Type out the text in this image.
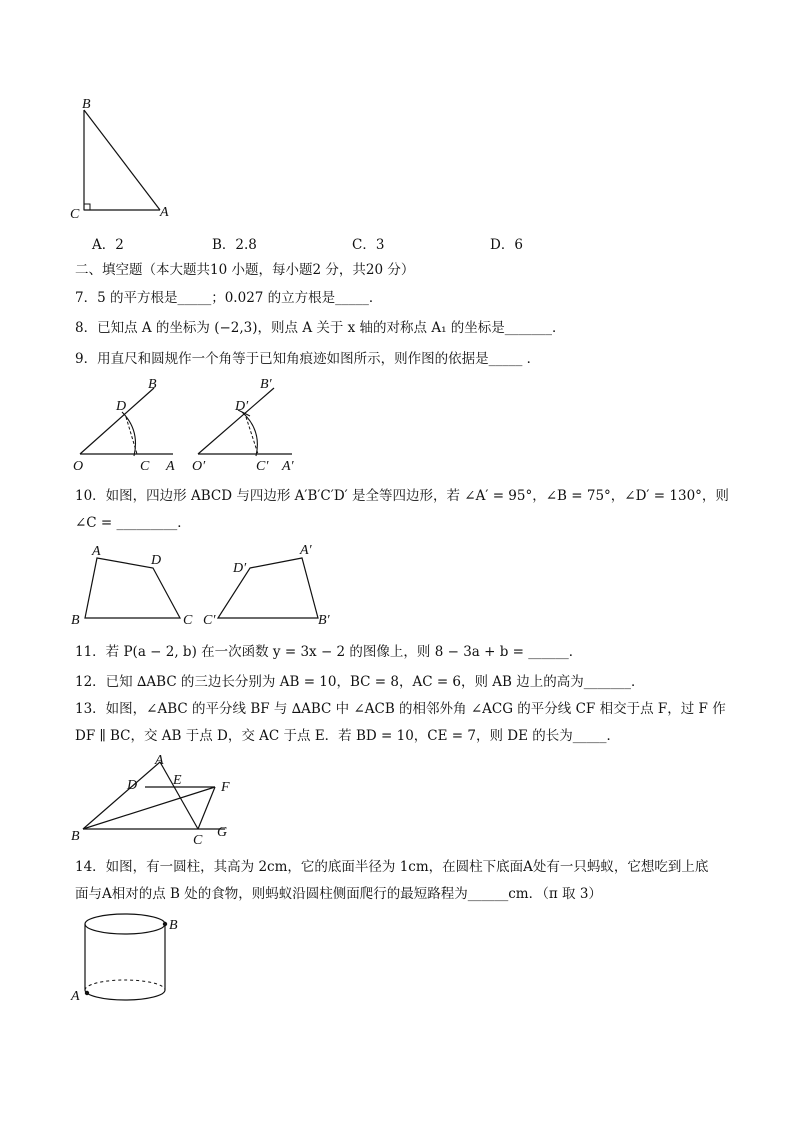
B
C	A
A．2	B．2.8	C．3	D．6
二、填空题（本大题共10 小题，每小题2 分，共20 分）
7．5 的平方根是_____；0.027 的立方根是_____．
8．已知点 A 的坐标为 (−2,3)，则点 A 关于 x 轴的对称点 A₁ 的坐标是_______．
9．用直尺和圆规作一个角等于已知角痕迹如图所示，则作图的依据是_____ ．
B
D
O	C A
B′
D′
O′	C′ A′
10．如图，四边形 ABCD 与四边形 A′B′C′D′ 是全等四边形，若 ∠A′ = 95°，∠B = 75°，∠D′ = 130°，则
∠C = _________．
A
D
B	C
D′
A′
C′	B′
11．若 P(a − 2, b) 在一次函数 y = 3x − 2 的图像上，则 8 − 3a + b = ______．
12．已知 ∆ABC 的三边长分别为 AB = 10，BC = 8，AC = 6，则 AB 边上的高为_______．
13．如图，∠ABC 的平分线 BF 与 ∆ABC 中 ∠ACB 的相邻外角 ∠ACG 的平分线 CF 相交于点 F，过 F 作
DF ∥ BC，交 AB 于点 D，交 AC 于点 E．若 BD = 10，CE = 7，则 DE 的长为_____．
A
D	E	F
B	C
G
14．如图，有一圆柱，其高为 2cm，它的底面半径为 1cm，在圆柱下底面A处有一只蚂蚁，它想吃到上底
面与A相对的点 B 处的食物，则蚂蚁沿圆柱侧面爬行的最短路程为______cm．（π 取 3）
B
A
